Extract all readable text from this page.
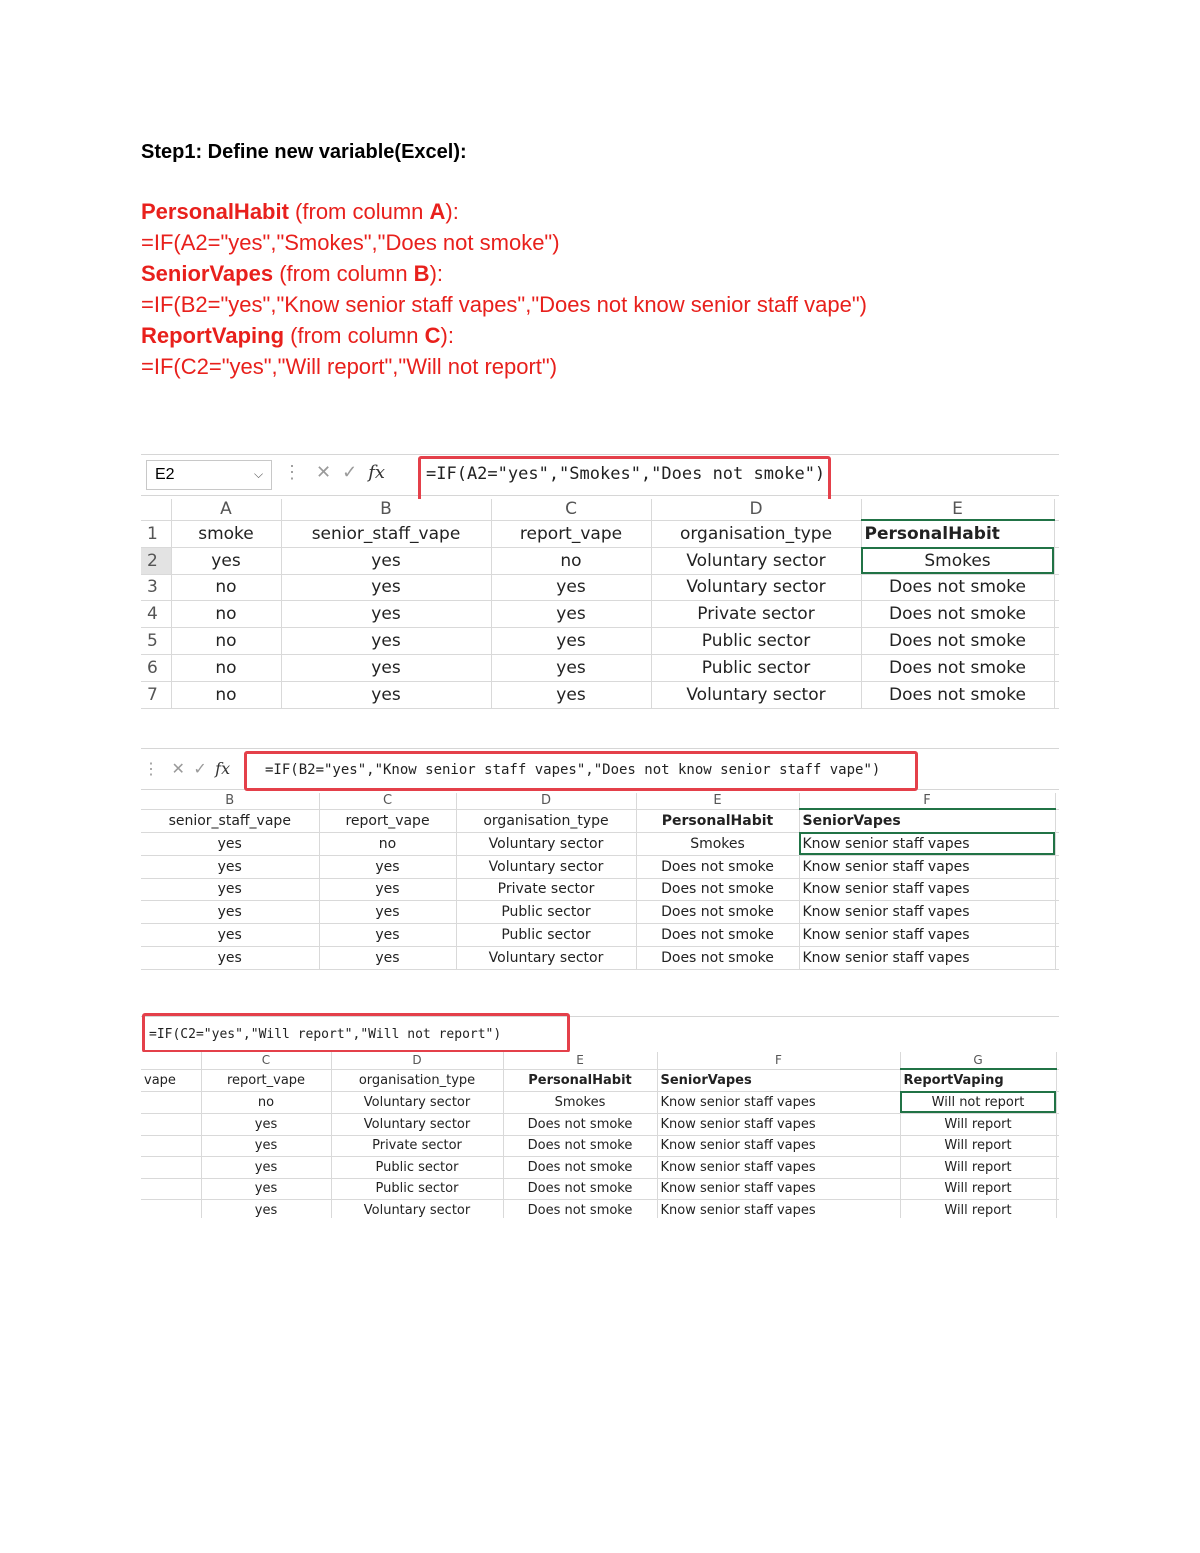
Step1: Define new variable(Excel):
PersonalHabit (from column A):
=IF(A2="yes","Smokes","Does not smoke")
SeniorVapes (from column B):
=IF(B2="yes","Know senior staff vapes","Does not know senior staff vape")
ReportVaping (from column C):
=IF(C2="yes","Will report","Will not report")
E2	⌵ ⋮ ✕ ✓ fx =IF(A2="yes","Smokes","Does not smoke")
	A	B	C	D	E	
1	smoke	senior_staff_vape	report_vape	organisation_type	PersonalHabit	
2	yes	yes	no	Voluntary sector	Smokes	
3	no	yes	yes	Voluntary sector	Does not smoke	
4	no	yes	yes	Private sector	Does not smoke	
5	no	yes	yes	Public sector	Does not smoke	
6	no	yes	yes	Public sector	Does not smoke	
7	no	yes	yes	Voluntary sector	Does not smoke	
⋮ ✕ ✓ fx =IF(B2="yes","Know senior staff vapes","Does not know senior staff vape")
B	C	D	E	F	
senior_staff_vape	report_vape	organisation_type	PersonalHabit	SeniorVapes	
yes	no	Voluntary sector	Smokes	Know senior staff vapes	
yes	yes	Voluntary sector	Does not smoke	Know senior staff vapes	
yes	yes	Private sector	Does not smoke	Know senior staff vapes	
yes	yes	Public sector	Does not smoke	Know senior staff vapes	
yes	yes	Public sector	Does not smoke	Know senior staff vapes	
yes	yes	Voluntary sector	Does not smoke	Know senior staff vapes	
=IF(C2="yes","Will report","Will not report")
	C	D	E	F	G	
vape	report_vape	organisation_type	PersonalHabit	SeniorVapes	ReportVaping	
	no	Voluntary sector	Smokes	Know senior staff vapes	Will not report	
	yes	Voluntary sector	Does not smoke	Know senior staff vapes	Will report	
	yes	Private sector	Does not smoke	Know senior staff vapes	Will report	
	yes	Public sector	Does not smoke	Know senior staff vapes	Will report	
	yes	Public sector	Does not smoke	Know senior staff vapes	Will report	
	yes	Voluntary sector	Does not smoke	Know senior staff vapes	Will report	
